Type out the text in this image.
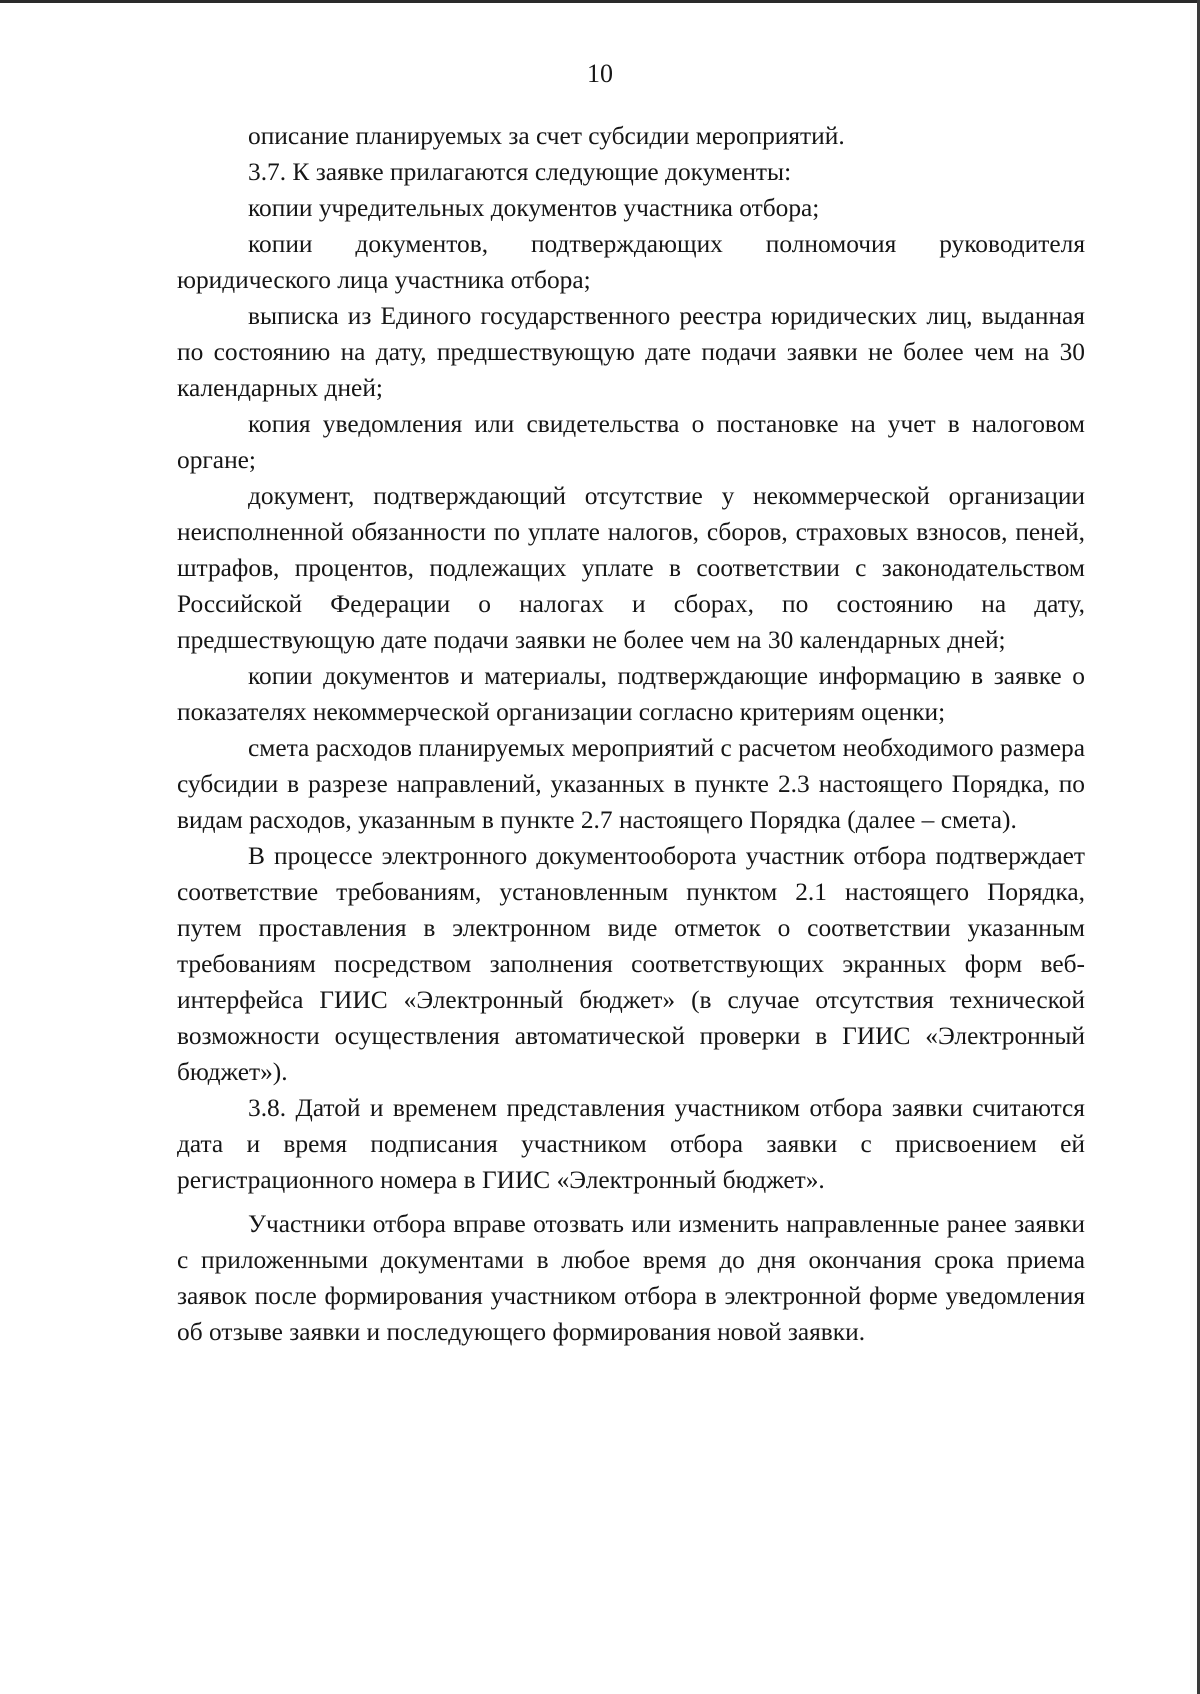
10

описание планируемых за счет субсидии мероприятий.

3.7. К заявке прилагаются следующие документы:

копии учредительных документов участника отбора;

копии документов, подтверждающих полномочия руководителя юридического лица участника отбора;

выписка из Единого государственного реестра юридических лиц, выданная по состоянию на дату, предшествующую дате подачи заявки не более чем на 30 календарных дней;

копия уведомления или свидетельства о постановке на учет в налоговом органе;

документ, подтверждающий отсутствие у некоммерческой организации неисполненной обязанности по уплате налогов, сборов, страховых взносов, пеней, штрафов, процентов, подлежащих уплате в соответствии с законодательством Российской Федерации о налогах и сборах, по состоянию на дату, предшествующую дате подачи заявки не более чем на 30 календарных дней;

копии документов и материалы, подтверждающие информацию в заявке о показателях некоммерческой организации согласно критериям оценки;

смета расходов планируемых мероприятий с расчетом необходимого размера субсидии в разрезе направлений, указанных в пункте 2.3 настоящего Порядка, по видам расходов, указанным в пункте 2.7 настоящего Порядка (далее – смета).

В процессе электронного документооборота участник отбора подтверждает соответствие требованиям, установленным пунктом 2.1 настоящего Порядка, путем проставления в электронном виде отметок о соответствии указанным требованиям посредством заполнения соответствующих экранных форм веб-интерфейса ГИИС «Электронный бюджет» (в случае отсутствия технической возможности осуществления автоматической проверки в ГИИС «Электронный бюджет»).

3.8. Датой и временем представления участником отбора заявки считаются дата и время подписания участником отбора заявки с присвоением ей регистрационного номера в ГИИС «Электронный бюджет».

Участники отбора вправе отозвать или изменить направленные ранее заявки с приложенными документами в любое время до дня окончания срока приема заявок после формирования участником отбора в электронной форме уведомления об отзыве заявки и последующего формирования новой заявки.
